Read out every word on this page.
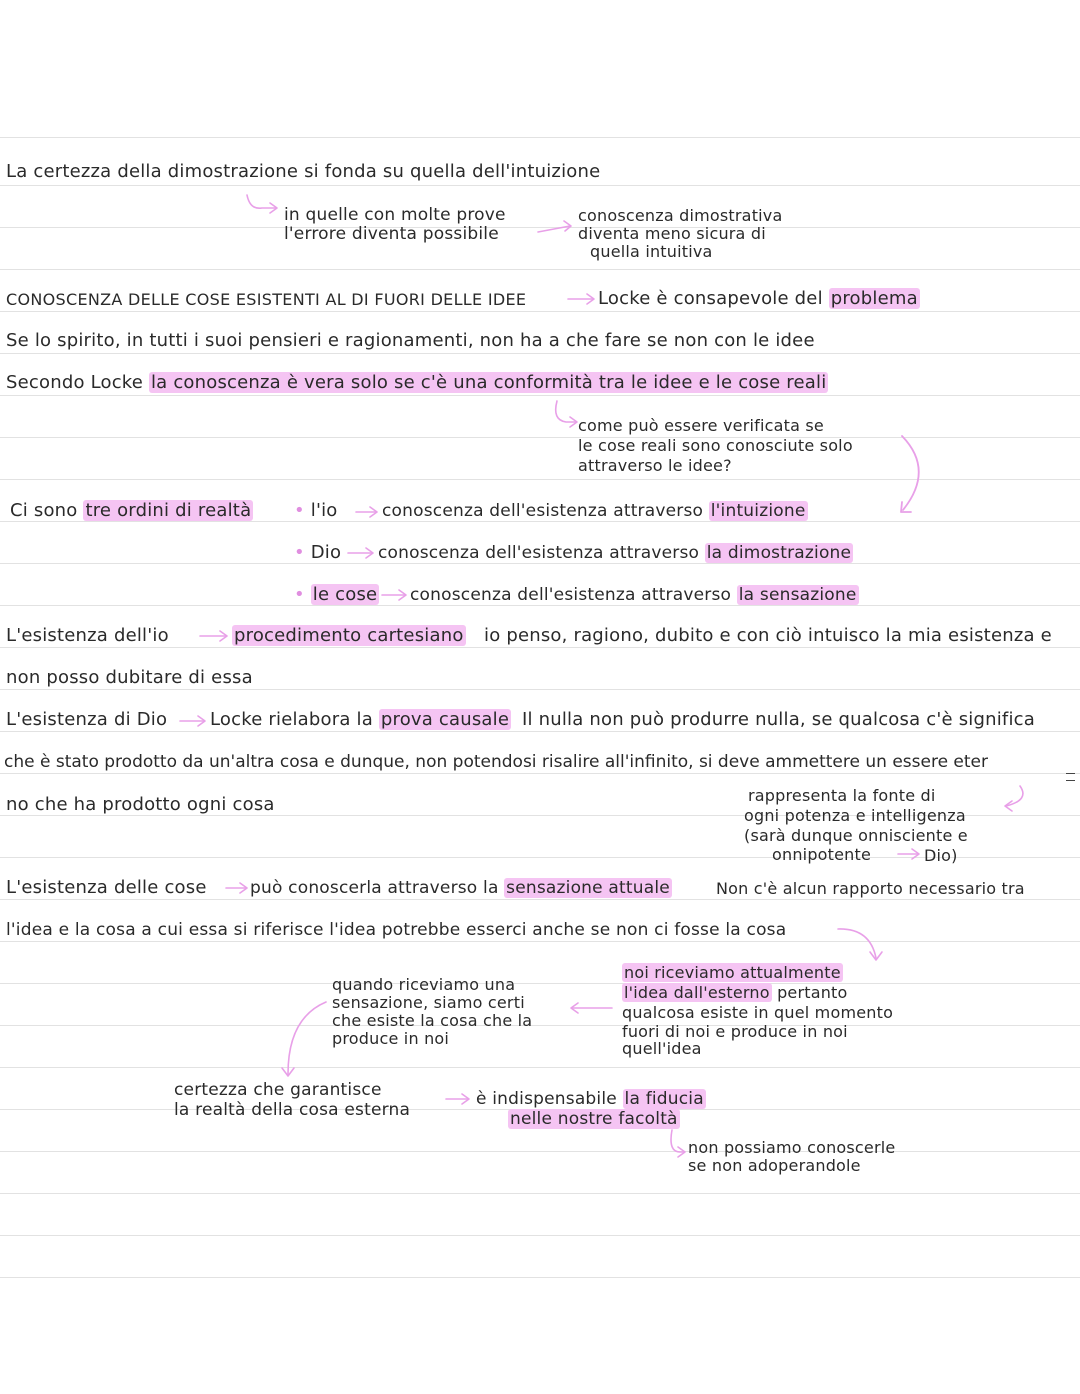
La certezza della dimostrazione si fonda su quella dell'intuizione
in quelle con molte prove
l'errore diventa possibile
conoscenza dimostrativa
diventa meno sicura di
quella intuitiva
CONOSCENZA DELLE COSE ESISTENTI AL DI FUORI DELLE IDEE	Locke è consapevole del problema
Se lo spirito, in tutti i suoi pensieri e ragionamenti, non ha a che fare se non con le idee
Secondo Locke la conoscenza è vera solo se c'è una conformità tra le idee e le cose reali
come può essere verificata se
le cose reali sono conosciute solo
attraverso le idee?
Ci sono tre ordini di realtà • l'io	conoscenza dell'esistenza attraverso l'intuizione
• Dio conoscenza dell'esistenza attraverso la dimostrazione
• le cose conoscenza dell'esistenza attraverso la sensazione
L'esistenza dell'io	procedimento cartesiano io penso, ragiono, dubito e con ciò intuisco la mia esistenza e
non posso dubitare di essa
L'esistenza di Dio Locke rielabora la prova causale Il nulla non può produrre nulla, se qualcosa c'è significa
che è stato prodotto da un'altra cosa e dunque, non potendosi risalire all'infinito, si deve ammettere un essere eter
no che ha prodotto ogni cosa	rappresenta la fonte di
ogni potenza e intelligenza
(sarà dunque onnisciente e
onnipotente	Dio)
L'esistenza delle cose	può conoscerla attraverso la sensazione attuale	Non c'è alcun rapporto necessario tra
l'idea e la cosa a cui essa si riferisce l'idea potrebbe esserci anche se non ci fosse la cosa
noi riceviamo attualmente
l'idea dall'esterno pertanto
qualcosa esiste in quel momento
fuori di noi e produce in noi
quell'idea
quando riceviamo una
sensazione, siamo certi
che esiste la cosa che la
produce in noi
certezza che garantisce
la realtà della cosa esterna
è indispensabile la fiducia
nelle nostre facoltà
non possiamo conoscerle
se non adoperandole
